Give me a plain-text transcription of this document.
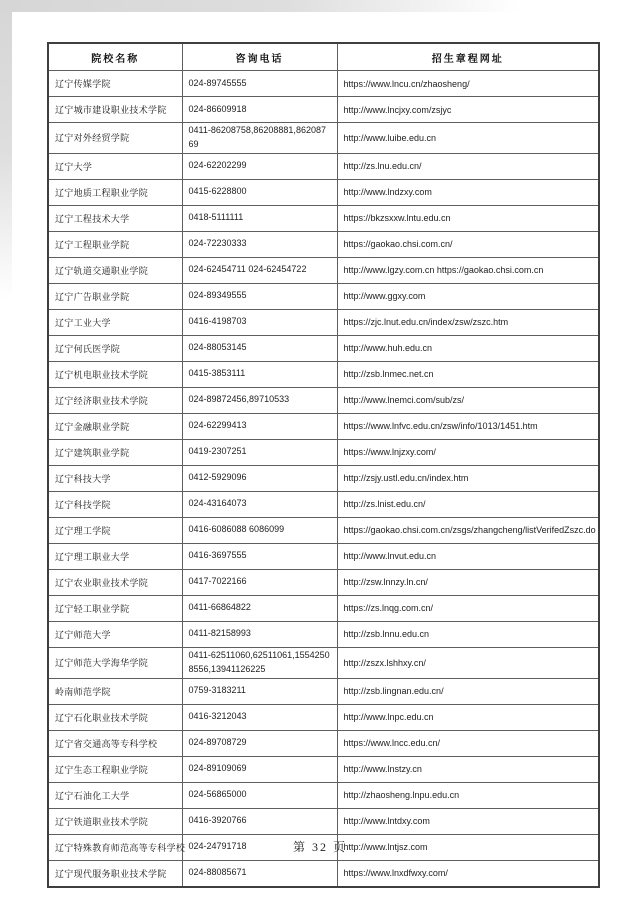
院校名称	咨询电话	招生章程网址
辽宁传媒学院	024-89745555	https://www.lncu.cn/zhaosheng/
辽宁城市建设职业技术学院	024-86609918	http://www.lncjxy.com/zsjyc
辽宁对外经贸学院	0411-86208758,86208881,86208769	http://www.luibe.edu.cn
辽宁大学	024-62202299	http://zs.lnu.edu.cn/
辽宁地质工程职业学院	0415-6228800	http://www.lndzxy.com
辽宁工程技术大学	0418-5111111	https://bkzsxxw.lntu.edu.cn
辽宁工程职业学院	024-72230333	https://gaokao.chsi.com.cn/
辽宁轨道交通职业学院	024-62454711 024-62454722	http://www.lgzy.com.cn https://gaokao.chsi.com.cn
辽宁广告职业学院	024-89349555	http://www.ggxy.com
辽宁工业大学	0416-4198703	https://zjc.lnut.edu.cn/index/zsw/zszc.htm
辽宁何氏医学院	024-88053145	http://www.huh.edu.cn
辽宁机电职业技术学院	0415-3853111	http://zsb.lnmec.net.cn
辽宁经济职业技术学院	024-89872456,89710533	http://www.lnemci.com/sub/zs/
辽宁金融职业学院	024-62299413	https://www.lnfvc.edu.cn/zsw/info/1013/1451.htm
辽宁建筑职业学院	0419-2307251	https://www.lnjzxy.com/
辽宁科技大学	0412-5929096	http://zsjy.ustl.edu.cn/index.htm
辽宁科技学院	024-43164073	http://zs.lnist.edu.cn/
辽宁理工学院	0416-6086088 6086099	https://gaokao.chsi.com.cn/zsgs/zhangcheng/listVerifedZszc.do
辽宁理工职业大学	0416-3697555	http://www.lnvut.edu.cn
辽宁农业职业技术学院	0417-7022166	http://zsw.lnnzy.ln.cn/
辽宁轻工职业学院	0411-66864822	https://zs.lnqg.com.cn/
辽宁师范大学	0411-82158993	http://zsb.lnnu.edu.cn
辽宁师范大学海华学院	0411-62511060,62511061,15542508556,13941126225	http://zszx.lshhxy.cn/
岭南师范学院	0759-3183211	http://zsb.lingnan.edu.cn/
辽宁石化职业技术学院	0416-3212043	http://www.lnpc.edu.cn
辽宁省交通高等专科学校	024-89708729	https://www.lncc.edu.cn/
辽宁生态工程职业学院	024-89109069	http://www.lnstzy.cn
辽宁石油化工大学	024-56865000	http://zhaosheng.lnpu.edu.cn
辽宁铁道职业技术学院	0416-3920766	http://www.lntdxy.com
辽宁特殊教育师范高等专科学校	024-24791718	http://www.lntjsz.com
辽宁现代服务职业技术学院	024-88085671	https://www.lnxdfwxy.com/
第 32 页
